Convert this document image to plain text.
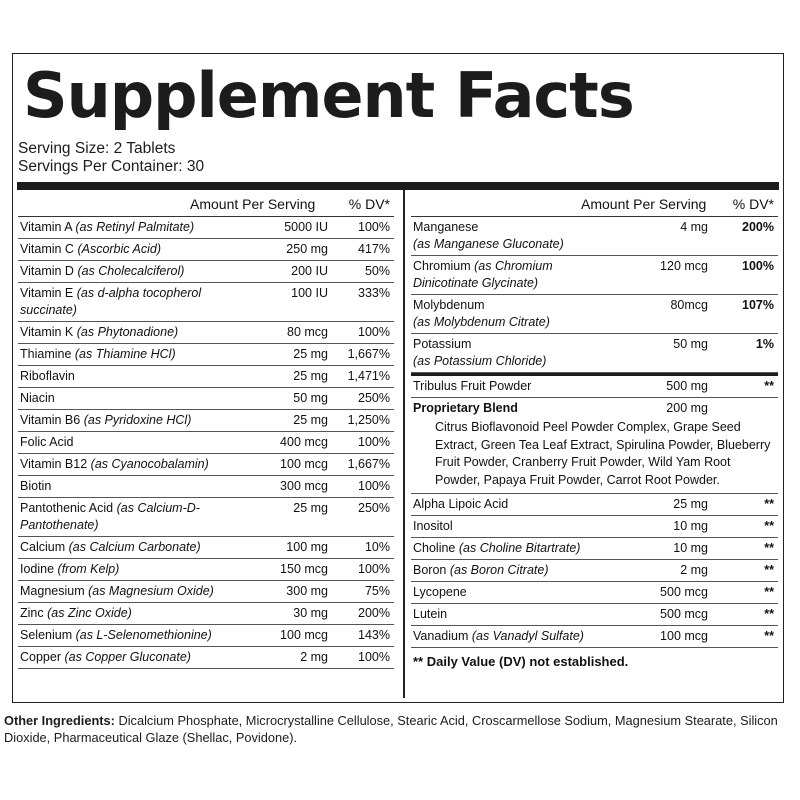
Supplement Facts
Serving Size: 2 Tablets
Servings Per Container: 30
Amount Per Serving % DV*
Vitamin A (as Retinyl Palmitate)	5000 IU 100%
Vitamin C (Ascorbic Acid)	250 mg 417%
Vitamin D (as Cholecalciferol)	200 IU	50%
Vitamin E (as d-alpha tocopherol succinate)
100 IU 333%
Vitamin K (as Phytonadione)	80 mcg 100%
Thiamine (as Thiamine HCl)	25 mg 1,667%
Riboflavin	25 mg 1,471%
Niacin	50 mg 250%
Vitamin B6 (as Pyridoxine HCl)	25 mg 1,250%
Folic Acid	400 mcg 100%
Vitamin B12 (as Cyanocobalamin)	100 mcg 1,667%
Biotin	300 mcg 100%
Pantothenic Acid (as Calcium-D-Pantothenate)
25 mg 250%
Calcium (as Calcium Carbonate)	100 mg	10%
Iodine (from Kelp)	150 mcg 100%
Magnesium (as Magnesium Oxide)	300 mg	75%
Zinc (as Zinc Oxide)	30 mg 200%
Selenium (as L-Selenomethionine)	100 mcg 143%
Copper (as Copper Gluconate)	2 mg 100%
Amount Per Serving % DV*
Manganese
(as Manganese Gluconate)
4 mg	200%
Chromium (as Chromium Dinicotinate Glycinate)
120 mcg	100%
Molybdenum
(as Molybdenum Citrate)
80mcg	107%
Potassium
(as Potassium Chloride)
50 mg	1%
Tribulus Fruit Powder	500 mg	**
Proprietary Blend	200 mg
Citrus Bioflavonoid Peel Powder Complex, Grape Seed Extract, Green Tea Leaf Extract, Spirulina Powder, Blueberry Fruit Powder, Cranberry Fruit Powder, Wild Yam Root Powder, Papaya Fruit Powder, Carrot Root Powder.
Alpha Lipoic Acid	25 mg	**
Inositol	10 mg	**
Choline (as Choline Bitartrate)	10 mg	**
Boron (as Boron Citrate)	2 mg	**
Lycopene	500 mcg	**
Lutein	500 mcg	**
Vanadium (as Vanadyl Sulfate)	100 mcg	**
** Daily Value (DV) not established.
Other Ingredients: Dicalcium Phosphate, Microcrystalline Cellulose, Stearic Acid, Croscarmellose Sodium, Magnesium Stearate, Silicon Dioxide, Pharmaceutical Glaze (Shellac, Povidone).
